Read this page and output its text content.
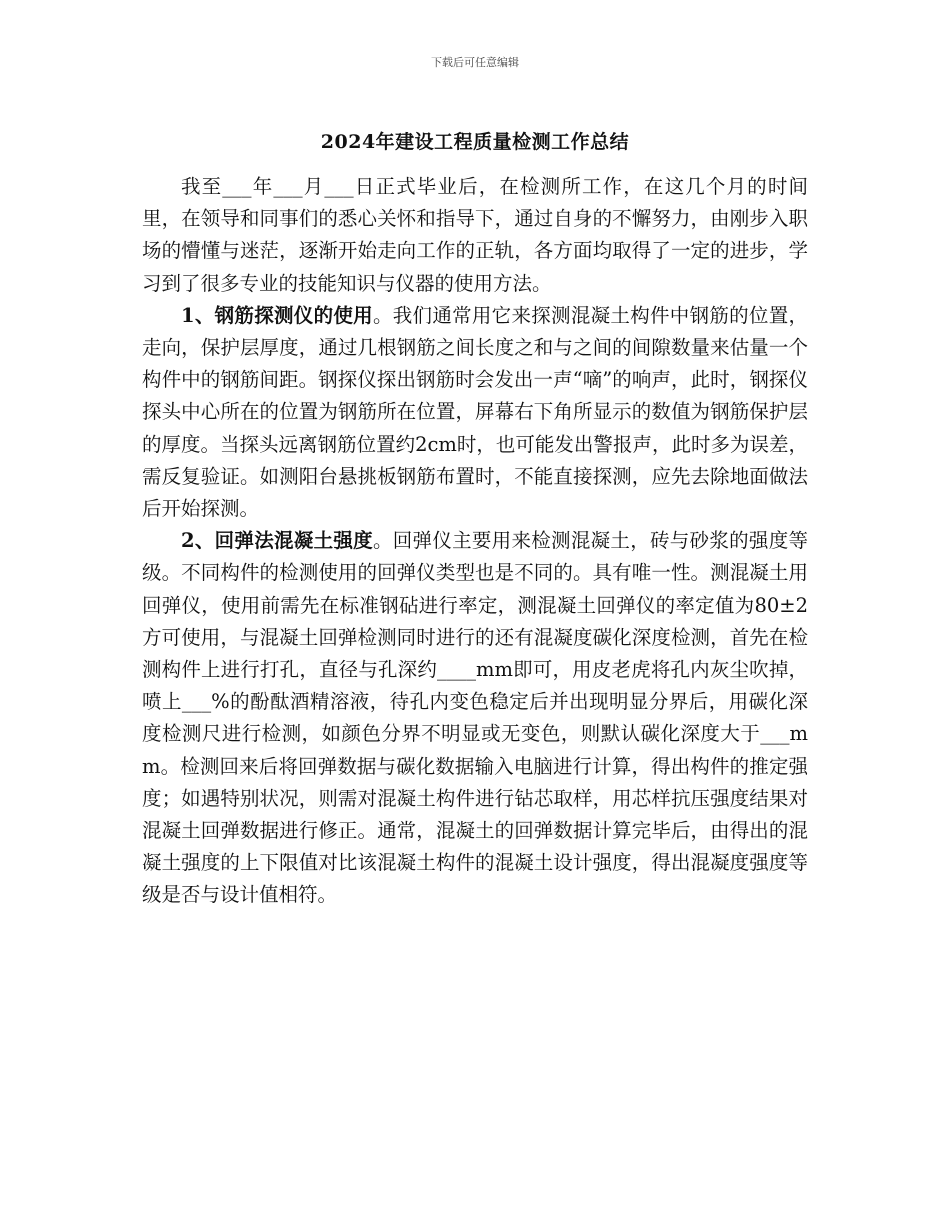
下载后可任意编辑
2024年建设工程质量检测工作总结

我至___年___月___日正式毕业后，在检测所工作，在这几个月的时间里，在领导和同事们的悉心关怀和指导下，通过自身的不懈努力，由刚步入职场的懵懂与迷茫，逐渐开始走向工作的正轨，各方面均取得了一定的进步，学习到了很多专业的技能知识与仪器的使用方法。

1、钢筋探测仪的使用。我们通常用它来探测混凝土构件中钢筋的位置，走向，保护层厚度，通过几根钢筋之间长度之和与之间的间隙数量来估量一个构件中的钢筋间距。钢探仪探出钢筋时会发出一声“嘀”的响声，此时，钢探仪探头中心所在的位置为钢筋所在位置，屏幕右下角所显示的数值为钢筋保护层的厚度。当探头远离钢筋位置约2cm时，也可能发出警报声，此时多为误差，需反复验证。如测阳台悬挑板钢筋布置时，不能直接探测，应先去除地面做法后开始探测。

2、回弹法混凝土强度。回弹仪主要用来检测混凝土，砖与砂浆的强度等级。不同构件的检测使用的回弹仪类型也是不同的。具有唯一性。测混凝土用回弹仪，使用前需先在标准钢砧进行率定，测混凝土回弹仪的率定值为80±2方可使用，与混凝土回弹检测同时进行的还有混凝度碳化深度检测，首先在检测构件上进行打孔，直径与孔深约____mm即可，用皮老虎将孔内灰尘吹掉，喷上___%的酚酞酒精溶液，待孔内变色稳定后并出现明显分界后，用碳化深度检测尺进行检测，如颜色分界不明显或无变色，则默认碳化深度大于___mm。检测回来后将回弹数据与碳化数据输入电脑进行计算，得出构件的推定强度；如遇特别状况，则需对混凝土构件进行钻芯取样，用芯样抗压强度结果对混凝土回弹数据进行修正。通常，混凝土的回弹数据计算完毕后，由得出的混凝土强度的上下限值对比该混凝土构件的混凝土设计强度，得出混凝度强度等级是否与设计值相符。
